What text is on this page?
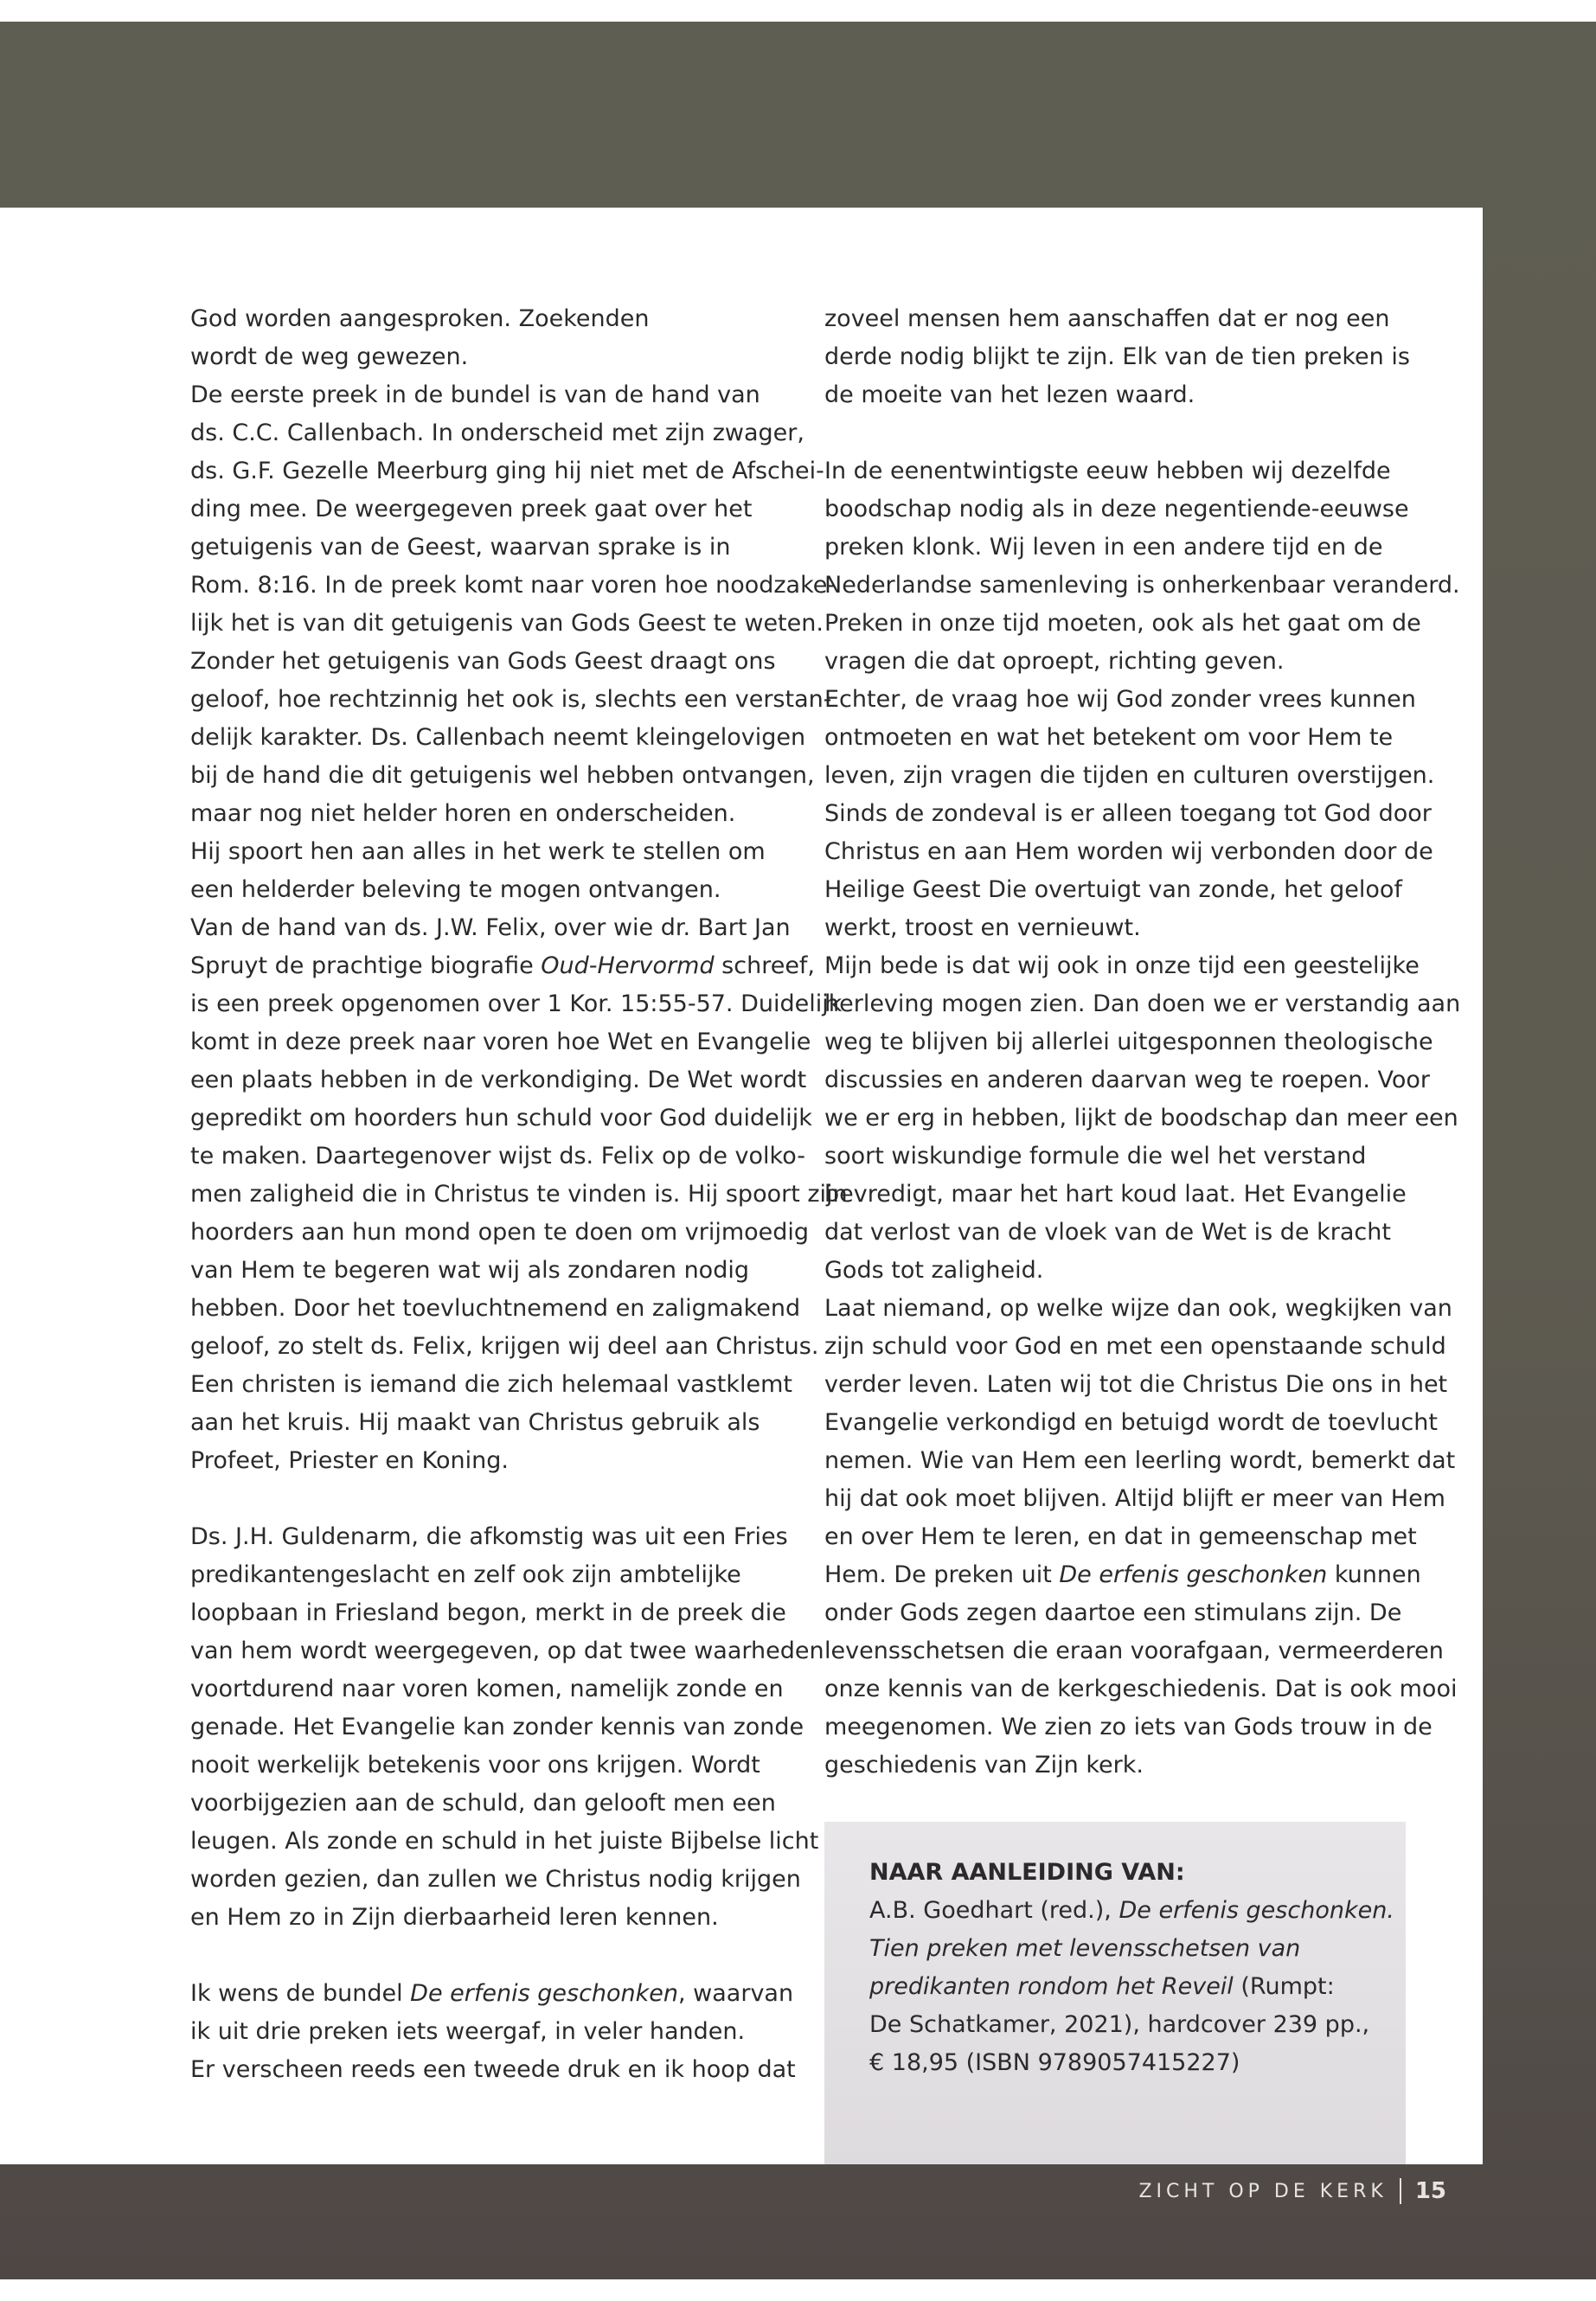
God worden aangesproken. Zoekenden
wordt de weg gewezen.
De eerste preek in de bundel is van de hand van
ds. C.C. Callenbach. In onderscheid met zijn zwager,
ds. G.F. Gezelle Meerburg ging hij niet met de Afschei-
ding mee. De weergegeven preek gaat over het
getuigenis van de Geest, waarvan sprake is in
Rom. 8:16. In de preek komt naar voren hoe noodzake-
lijk het is van dit getuigenis van Gods Geest te weten.
Zonder het getuigenis van Gods Geest draagt ons
geloof, hoe rechtzinnig het ook is, slechts een verstan-
delijk karakter. Ds. Callenbach neemt kleingelovigen
bij de hand die dit getuigenis wel hebben ontvangen,
maar nog niet helder horen en onderscheiden.
Hij spoort hen aan alles in het werk te stellen om
een helderder beleving te mogen ontvangen.
Van de hand van ds. J.W. Felix, over wie dr. Bart Jan
Spruyt de prachtige biografie Oud-Hervormd schreef,
is een preek opgenomen over 1 Kor. 15:55-57. Duidelijk
komt in deze preek naar voren hoe Wet en Evangelie
een plaats hebben in de verkondiging. De Wet wordt
gepredikt om hoorders hun schuld voor God duidelijk
te maken. Daartegenover wijst ds. Felix op de volko-
men zaligheid die in Christus te vinden is. Hij spoort zijn
hoorders aan hun mond open te doen om vrijmoedig
van Hem te begeren wat wij als zondaren nodig
hebben. Door het toevluchtnemend en zaligmakend
geloof, zo stelt ds. Felix, krijgen wij deel aan Christus.
Een christen is iemand die zich helemaal vastklemt
aan het kruis. Hij maakt van Christus gebruik als
Profeet, Priester en Koning.
Ds. J.H. Guldenarm, die afkomstig was uit een Fries
predikantengeslacht en zelf ook zijn ambtelijke
loopbaan in Friesland begon, merkt in de preek die
van hem wordt weergegeven, op dat twee waarheden
voortdurend naar voren komen, namelijk zonde en
genade. Het Evangelie kan zonder kennis van zonde
nooit werkelijk betekenis voor ons krijgen. Wordt
voorbijgezien aan de schuld, dan gelooft men een
leugen. Als zonde en schuld in het juiste Bijbelse licht
worden gezien, dan zullen we Christus nodig krijgen
en Hem zo in Zijn dierbaarheid leren kennen.
Ik wens de bundel De erfenis geschonken, waarvan
ik uit drie preken iets weergaf, in veler handen.
Er verscheen reeds een tweede druk en ik hoop dat
zoveel mensen hem aanschaffen dat er nog een
derde nodig blijkt te zijn. Elk van de tien preken is
de moeite van het lezen waard.
In de eenentwintigste eeuw hebben wij dezelfde
boodschap nodig als in deze negentiende-eeuwse
preken klonk. Wij leven in een andere tijd en de
Nederlandse samenleving is onherkenbaar veranderd.
Preken in onze tijd moeten, ook als het gaat om de
vragen die dat oproept, richting geven.
Echter, de vraag hoe wij God zonder vrees kunnen
ontmoeten en wat het betekent om voor Hem te
leven, zijn vragen die tijden en culturen overstijgen.
Sinds de zondeval is er alleen toegang tot God door
Christus en aan Hem worden wij verbonden door de
Heilige Geest Die overtuigt van zonde, het geloof
werkt, troost en vernieuwt.
Mijn bede is dat wij ook in onze tijd een geestelijke
herleving mogen zien. Dan doen we er verstandig aan
weg te blijven bij allerlei uitgesponnen theologische
discussies en anderen daarvan weg te roepen. Voor
we er erg in hebben, lijkt de boodschap dan meer een
soort wiskundige formule die wel het verstand
bevredigt, maar het hart koud laat. Het Evangelie
dat verlost van de vloek van de Wet is de kracht
Gods tot zaligheid.
Laat niemand, op welke wijze dan ook, wegkijken van
zijn schuld voor God en met een openstaande schuld
verder leven. Laten wij tot die Christus Die ons in het
Evangelie verkondigd en betuigd wordt de toevlucht
nemen. Wie van Hem een leerling wordt, bemerkt dat
hij dat ook moet blijven. Altijd blijft er meer van Hem
en over Hem te leren, en dat in gemeenschap met
Hem. De preken uit De erfenis geschonken kunnen
onder Gods zegen daartoe een stimulans zijn. De
levensschetsen die eraan voorafgaan, vermeerderen
onze kennis van de kerkgeschiedenis. Dat is ook mooi
meegenomen. We zien zo iets van Gods trouw in de
geschiedenis van Zijn kerk.
NAAR AANLEIDING VAN:
A.B. Goedhart (red.), De erfenis geschonken.
Tien preken met levensschetsen van
predikanten rondom het Reveil (Rumpt:
De Schatkamer, 2021), hardcover 239 pp.,
€ 18,95 (ISBN 9789057415227)
ZICHT OP DE KERK 15
